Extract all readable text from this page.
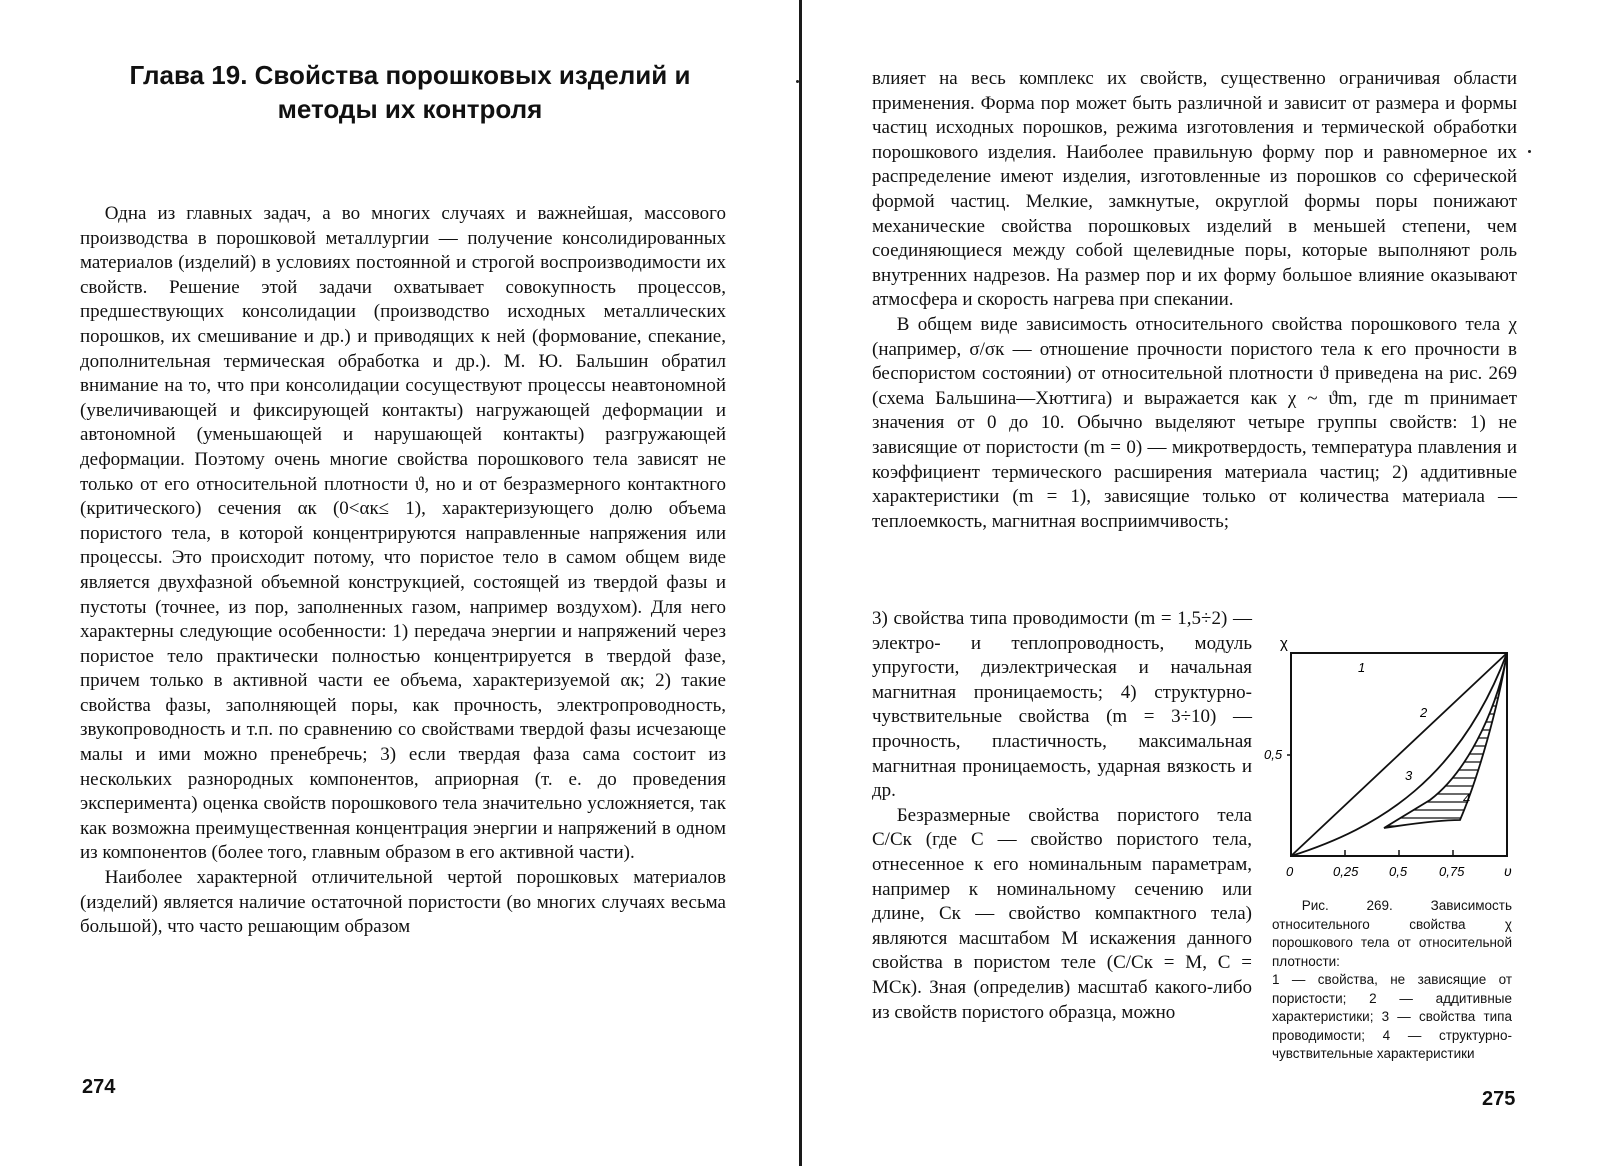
Глава 19. Свойства порошковых изделий и методы их контроля

Одна из главных задач, а во многих случаях и важнейшая, массового производства в порошковой металлургии — получение консолидированных материалов (изделий) в условиях постоянной и строгой воспроизводимости их свойств. Решение этой задачи охватывает совокупность процессов, предшествующих консолидации (производство исходных металлических порошков, их смешивание и др.) и приводящих к ней (формование, спекание, дополнительная термическая обработка и др.). М. Ю. Бальшин обратил внимание на то, что при консолидации сосуществуют процессы неавтономной (увеличивающей и фиксирующей контакты) нагружающей деформации и автономной (уменьшающей и нарушающей контакты) разгружающей деформации. Поэтому очень многие свойства порошкового тела зависят не только от его относительной плотности ϑ, но и от безразмерного контактного (критического) сечения αк (0<αк≤ 1), характеризующего долю объема пористого тела, в которой концентрируются направленные напряжения или процессы. Это происходит потому, что пористое тело в самом общем виде является двухфазной объемной конструкцией, состоящей из твердой фазы и пустоты (точнее, из пор, заполненных газом, например воздухом). Для него характерны следующие особенности: 1) передача энергии и напряжений через пористое тело практически полностью концентрируется в твердой фазе, причем только в активной части ее объема, характеризуемой αк; 2) такие свойства фазы, заполняющей поры, как прочность, электропроводность, звукопроводность и т.п. по сравнению со свойствами твердой фазы исчезающе малы и ими можно пренебречь; 3) если твердая фаза сама состоит из нескольких разнородных компонентов, априорная (т. е. до проведения эксперимента) оценка свойств порошкового тела значительно усложняется, так как возможна преимущественная концентрация энергии и напряжений в одном из компонентов (более того, главным образом в его активной части).

Наиболее характерной отличительной чертой порошковых материалов (изделий) является наличие остаточной пористости (во многих случаях весьма большой), что часто решающим образом

274

влияет на весь комплекс их свойств, существенно ограничивая области применения. Форма пор может быть различной и зависит от размера и формы частиц исходных порошков, режима изготовления и термической обработки порошкового изделия. Наиболее правильную форму пор и равномерное их распределение имеют изделия, изготовленные из порошков со сферической формой частиц. Мелкие, замкнутые, округлой формы поры понижают механические свойства порошковых изделий в меньшей степени, чем соединяющиеся между собой щелевидные поры, которые выполняют роль внутренних надрезов. На размер пор и их форму большое влияние оказывают атмосфера и скорость нагрева при спекании.

В общем виде зависимость относительного свойства порошкового тела χ (например, σ/σк — отношение прочности пористого тела к его прочности в беспористом состоянии) от относительной плотности ϑ приведена на рис. 269 (схема Бальшина—Хюттига) и выражается как χ ~ ϑm, где m принимает значения от 0 до 10. Обычно выделяют четыре группы свойств: 1) не зависящие от пористости (m = 0) — микротвердость, температура плавления и коэффициент термического расширения материала частиц; 2) аддитивные характеристики (m = 1), зависящие только от количества материала — теплоемкость, магнитная восприимчивость;

3) свойства типа проводимости (m = 1,5÷2) — электро- и теплопроводность, модуль упругости, диэлектрическая и начальная магнитная проницаемость; 4) структурно-чувствительные свойства (m = 3÷10) — прочность, пластичность, максимальная магнитная проницаемость, ударная вязкость и др.

Безразмерные свойства пористого тела C/Cк (где C — свойство пористого тела, отнесенное к его номинальным параметрам, например к номинальному сечению или длине, Cк — свойство компактного тела) являются масштабом M искажения данного свойства в пористом теле (C/Cк = M, C = MCк). Зная (определив) масштаб какого-либо из свойств пористого образца, можно

χ
0,5
0	0,25 0,5 0,75	υ
1
2
3
4
Рис. 269. Зависимость относительного свойства χ порошкового тела от относительной плотности:
1 — свойства, не зависящие от пористости; 2 — аддитивные характеристики; 3 — свойства типа проводимости; 4 — структурно-чувствительные характеристики
275
